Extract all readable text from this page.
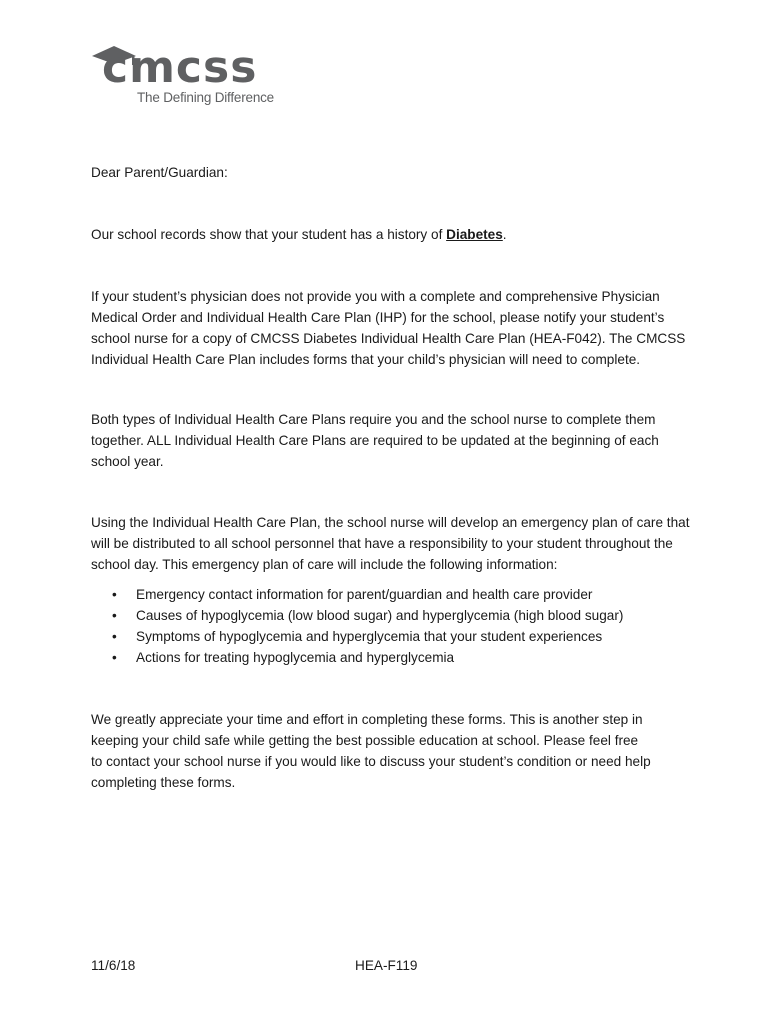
cmcss
The Defining Difference
Dear Parent/Guardian:
Our school records show that your student has a history of Diabetes.
If your student’s physician does not provide you with a complete and comprehensive Physician Medical Order and Individual Health Care Plan (IHP) for the school, please notify your student’s school nurse for a copy of CMCSS Diabetes Individual Health Care Plan (HEA-F042). The CMCSS Individual Health Care Plan includes forms that your child’s physician will need to complete.
Both types of Individual Health Care Plans require you and the school nurse to complete them together. ALL Individual Health Care Plans are required to be updated at the beginning of each school year.
Using the Individual Health Care Plan, the school nurse will develop an emergency plan of care that will be distributed to all school personnel that have a responsibility to your student throughout the school day. This emergency plan of care will include the following information:
• Emergency contact information for parent/guardian and health care provider
• Causes of hypoglycemia (low blood sugar) and hyperglycemia (high blood sugar)
• Symptoms of hypoglycemia and hyperglycemia that your student experiences
• Actions for treating hypoglycemia and hyperglycemia
We greatly appreciate your time and effort in completing these forms. This is another step in keeping your child safe while getting the best possible education at school. Please feel free to contact your school nurse if you would like to discuss your student’s condition or need help completing these forms.
11/6/18	HEA-F119
